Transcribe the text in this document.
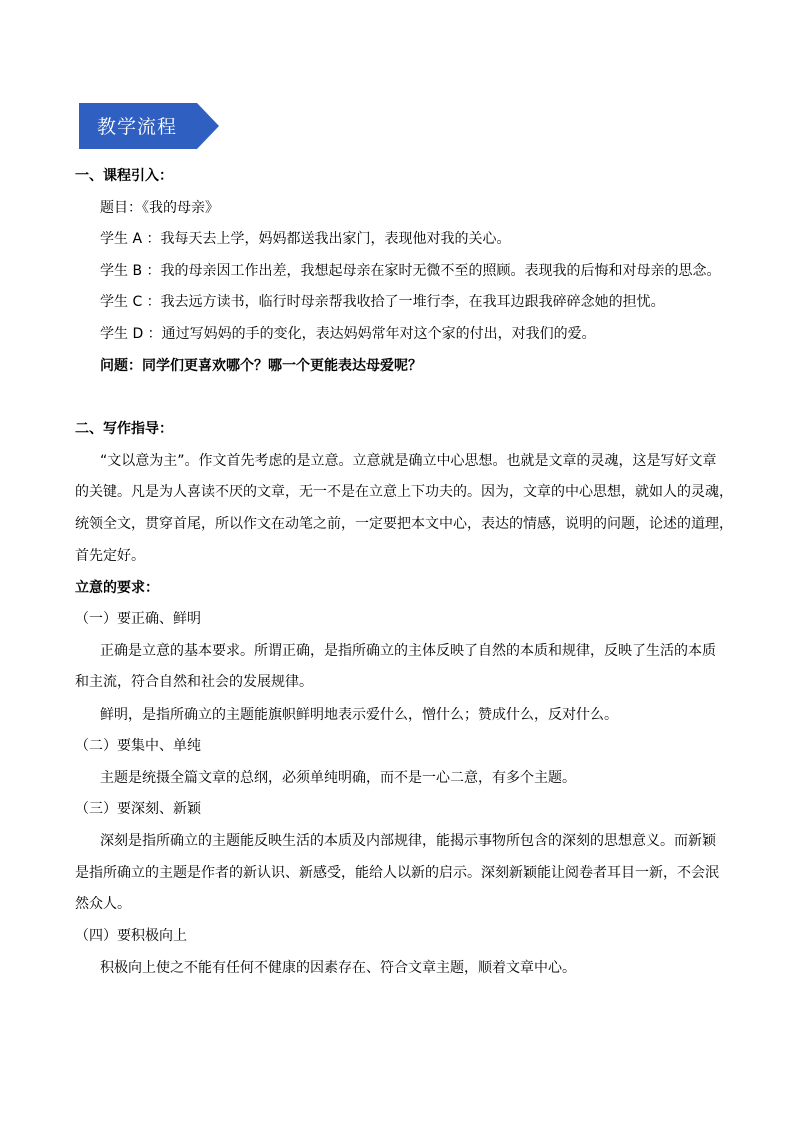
教学流程
一、课程引入：
题目：《我的母亲》
学生 A ：我每天去上学，妈妈都送我出家门，表现他对我的关心。
学生 B ：我的母亲因工作出差，我想起母亲在家时无微不至的照顾。表现我的后悔和对母亲的思念。
学生 C ：我去远方读书，临行时母亲帮我收拾了一堆行李，在我耳边跟我碎碎念她的担忧。
学生 D ：通过写妈妈的手的变化，表达妈妈常年对这个家的付出，对我们的爱。
问题：同学们更喜欢哪个？哪一个更能表达母爱呢？
二、写作指导：
“文以意为主”。作文首先考虑的是立意。立意就是确立中心思想。也就是文章的灵魂，这是写好文章
的关键。凡是为人喜读不厌的文章，无一不是在立意上下功夫的。因为，文章的中心思想，就如人的灵魂，
统领全文，贯穿首尾，所以作文在动笔之前，一定要把本文中心，表达的情感，说明的问题，论述的道理，
首先定好。
立意的要求：
（一）要正确、鲜明
正确是立意的基本要求。所谓正确，是指所确立的主体反映了自然的本质和规律，反映了生活的本质
和主流，符合自然和社会的发展规律。
鲜明，是指所确立的主题能旗帜鲜明地表示爱什么，憎什么；赞成什么，反对什么。
（二）要集中、单纯
主题是统摄全篇文章的总纲，必须单纯明确，而不是一心二意，有多个主题。
（三）要深刻、新颖
深刻是指所确立的主题能反映生活的本质及内部规律，能揭示事物所包含的深刻的思想意义。而新颖
是指所确立的主题是作者的新认识、新感受，能给人以新的启示。深刻新颖能让阅卷者耳目一新，不会泯
然众人。
（四）要积极向上
积极向上使之不能有任何不健康的因素存在、符合文章主题，顺着文章中心。
